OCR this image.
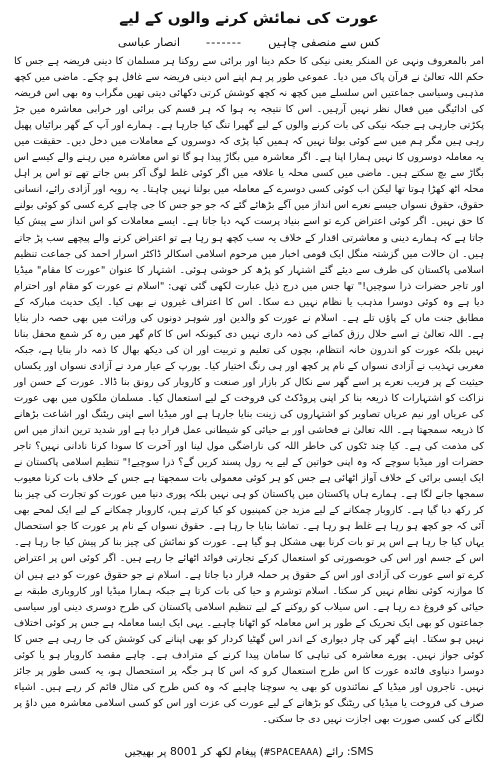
عورت کی نمائش کرنے والوں کے لیے
کس سے منصفی چاہیں
-------
انصار عباسی

امر بالمعروف ونہی عن المنکر یعنی نیکی کا حکم دینا اور برائی سے روکنا ہر مسلمان کا دینی فریضہ ہے جس کا حکم اللہ تعالیٰ نے قرآن پاک میں دیا۔ عموعی طور پر ہم اپنے اس دینی فریضہ سے غافل ہو چکے۔ ماضی میں کچھ مذہبی وسیاسی جماعتیں اس سلسلے میں کچھ نہ کچھ کوشش کرتی دکھائی دیتی تھیں مگراب وہ بھی اس فریضہ کی ادائیگی میں فعال نظر نہیں آرہیں۔ اس کا نتیجہ یہ ہوا کہ ہر قسم کی برائی اور خرابی معاشرہ میں جڑ پکڑتی جارہی ہے جبکہ نیکی کی بات کرنے والوں کے لیے گھیرا تنگ کیا جارہا ہے۔ ہمارے اور آپ کے گھر برائیاں پھیل رہی ہیں مگر ہم میں سے کوئی بولتا نہیں کہ ہمیں کیا پڑی کہ دوسروں کے معاملات میں دخل دیں۔ حقیقت میں یہ معاملہ دوسروں کا نہیں ہمارا اپنا ہے۔ اگر معاشرہ میں بگاڑ پیدا ہو گا تو اس معاشرہ میں رہنے والے کیسے اس بگاڑ سے بچ سکتے ہیں۔ ماضی میں کسی محلہ یا علاقہ میں اگر کوئی غلط لوگ آکر بس جاتے تھے تو اس پر اہل محلہ اٹھ کھڑا ہوتا تھا لیکن اب کوئی کسی دوسرے کے معاملہ میں بولنا نہیں چاہتا۔ یہ رویہ اور آزادی رائے، انسانی حقوق، حقوق نسواں جیسے نعرے اس انداز میں آگے بڑھائے گئے کہ جو جو جس کا جی چاہے کرے کسی کو کوئی بولنے کا حق نہیں۔ اگر کوئی اعتراض کرے تو اسے بنیاد پرست کہہ دیا جاتا ہے۔ ایسے معاملات کو اس انداز سے پیش کیا جاتا ہے کہ ہمارے دینی و معاشرتی اقدار کے خلاف یہ سب کچھ ہو رہا ہے تو اعتراض کرنے والے پیچھے سب پڑ جاتے ہیں۔ ان حالات میں گزشتہ منگل ایک قومی اخبار میں مرحوم اسلامی اسکالر ڈاکٹر اسرار احمد کی جماعت تنظیم اسلامی پاکستان کی طرف سے دیئے گئے اشتہار کو پڑھ کر خوشی ہوئی۔ اشتہار کا عنوان "عورت کا مقام" میڈیا اور تاجر حضرات ذرا سوچیں!" تھا جس میں درج ذیل عبارت لکھی گئی تھی: "اسلام نے عورت کو مقام اور احترام دیا ہے وہ کوئی دوسرا مذہب یا نظام نہیں دے سکا۔ اس کا اعتراف غیروں نے بھی کیا۔ ایک حدیث مبارکہ کے مطابق جنت ماں کے پاؤں تلے ہے۔ اسلام نے عورت کو والدین اور شوہر دونوں کی وراثت میں بھی حصہ دار بنایا ہے۔ اللہ تعالیٰ نے اسے حلال رزق کمانے کی ذمہ داری نہیں دی کیونکہ اس کا کام گھر میں رہ کر شمع محفل بنانا نہیں بلکہ عورت کو اندرون خانہ انتظام، بچوں کی تعلیم و تربیت اور ان کی دیکھ بھال کا ذمہ دار بنایا ہے، جبکہ مغربی تہذیب نے آزادی نسواں کے نام پر کچھ اور ہی رنگ اختیار کیا۔ یورپ کے عیار مرد نے آزادی نسواں اور یکساں حیثیت کے پر فریب نعرے پر اسے گھر سے نکال کر بازار اور صنعت و کاروبار کی رونق بنا ڈالا۔ عورت کے حسن اور نزاکت کو اشتہارات کا ذریعہ بنا کر اپنی پروڈکٹ کی فروخت کے لیے استعمال کیا۔ مسلمان ملکوں میں بھی عورت کی عریاں اور نیم عریاں تصاویر کو اشتہاروں کی زینت بنایا جارہا ہے اور میڈیا اسے اپنی ریٹنگ اور اشاعت بڑھانے کا ذریعہ سمجھتا ہے۔ اللہ تعالیٰ نے فحاشی اور بے حیائی کو شیطانی عمل قرار دیا ہے اور شدید ترین انداز میں اس کی مذمت کی ہے۔ کیا چند ٹکوں کی خاطر اللہ کی ناراضگی مول لینا اور آخرت کا سودا کرنا نادانی نہیں؟ تاجر حضرات اور میڈیا سوچے کہ وہ اپنی خواتین کے لیے یہ رول پسند کریں گے؟ ذرا سوچیے!" تنظیم اسلامی پاکستان نے ایک ایسی برائی کے خلاف آواز اٹھائی ہے جس کو ہر کوئی معمولی بات سمجھتا ہے جس کے خلاف بات کرنا معیوب سمجھا جانے لگا ہے۔ ہمارے ہاں پاکستان میں پاکستان کو ہی نہیں بلکہ پوری دنیا میں عورت کو تجارت کی چیز بنا کر رکھ دیا گیا ہے۔ کاروبار چمکانے کے لیے مزید جن کمپنیوں کو کیا کرتے ہیں، کاروبار چمکانے کے لیے ایک لمحے بھی آئی کہ جو کچھ ہو رہا ہے غلط ہو رہا ہے۔ تماشا بنایا جا رہا ہے۔ حقوق نسواں کے نام پر عورت کا جو استحصال یہاں کیا جا رہا ہے اس پر تو بات کرنا بھی مشکل ہو گیا ہے۔ عورت کو نمائش کی چیز بنا کر پیش کیا جا رہا ہے۔ اس کے جسم اور اس کی خوبصورتی کو استعمال کرکے تجارتی فوائد اٹھائے جا رہے ہیں۔ اگر کوئی اس پر اعتراض کرے تو اسے عورت کی آزادی اور اس کے حقوق پر حملہ قرار دیا جاتا ہے۔ اسلام نے جو حقوق عورت کو دیے ہیں ان کا موازنہ کوئی نظام نہیں کر سکتا۔ اسلام توشرم و حیا کی بات کرتا ہے جبکہ ہمارا میڈیا اور کاروباری طبقہ بے حیائی کو فروغ دے رہا ہے۔ اس سیلاب کو روکنے کے لیے تنظیم اسلامی پاکستان کی طرح دوسری دینی اور سیاسی جماعتوں کو بھی ایک تحریک کے طور پر اس معاملہ کو اٹھانا چاہیے۔ یہی ایک ایسا معاملہ ہے جس پر کوئی اختلاف نہیں ہو سکتا۔ اپنے گھر کی چار دیواری کے اندر اس گھٹیا کردار کو بھی اپنانے کی کوشش کی جا رہی ہے جس کا کوئی جواز نہیں۔ پورے معاشرہ کی تباہی کا سامان پیدا کرنے کے مترادف ہے۔ چاہے مقصد کاروبار ہو یا کوئی دوسرا دنیاوی فائدہ عورت کا اس طرح استعمال کرو کہ اس کا ہر جگہ پر استحصال ہو، یہ کسی طور پر جائز نہیں۔ تاجروں اور میڈیا کے نمائندوں کو بھی یہ سوچنا چاہیے کہ وہ کس طرح کی مثال قائم کر رہے ہیں۔ اشیاء صرف کی فروخت یا میڈیا کی ریٹنگ کو بڑھانے کے لیے عورت کی عزت اور اس کو کسی اسلامی معاشرہ میں داؤ پر لگانے کی کسی صورت بھی اجازت نہیں دی جا سکتی۔

SMS: رائے (#SPACEAAA) پیغام لکھ کر 8001 پر بھیجیں
